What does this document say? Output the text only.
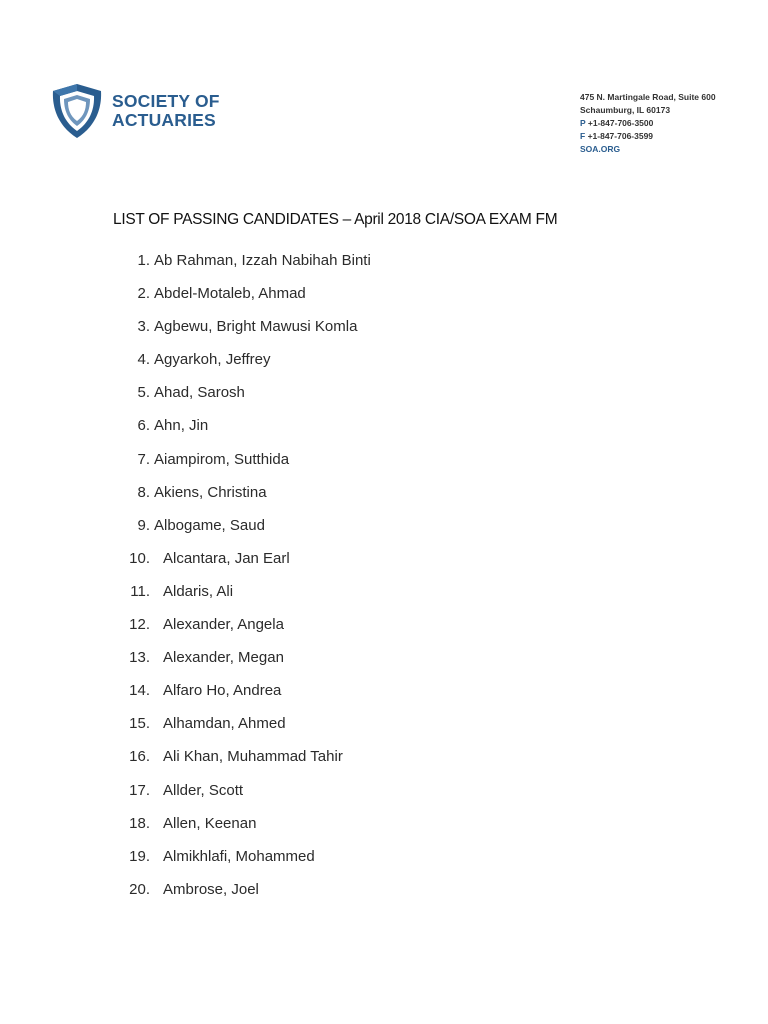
SOCIETY OF
ACTUARIES
475 N. Martingale Road, Suite 600
Schaumburg, IL 60173
P +1-847-706-3500
F +1-847-706-3599
SOA.ORG
LIST OF PASSING CANDIDATES – April 2018 CIA/SOA EXAM FM
1. Ab Rahman, Izzah Nabihah Binti
2. Abdel-Motaleb, Ahmad
3. Agbewu, Bright Mawusi Komla
4. Agyarkoh, Jeffrey
5. Ahad, Sarosh
6. Ahn, Jin
7. Aiampirom, Sutthida
8. Akiens, Christina
9. Albogame, Saud
10. Alcantara, Jan Earl
11. Aldaris, Ali
12. Alexander, Angela
13. Alexander, Megan
14. Alfaro Ho, Andrea
15. Alhamdan, Ahmed
16. Ali Khan, Muhammad Tahir
17. Allder, Scott
18. Allen, Keenan
19. Almikhlafi, Mohammed
20. Ambrose, Joel
